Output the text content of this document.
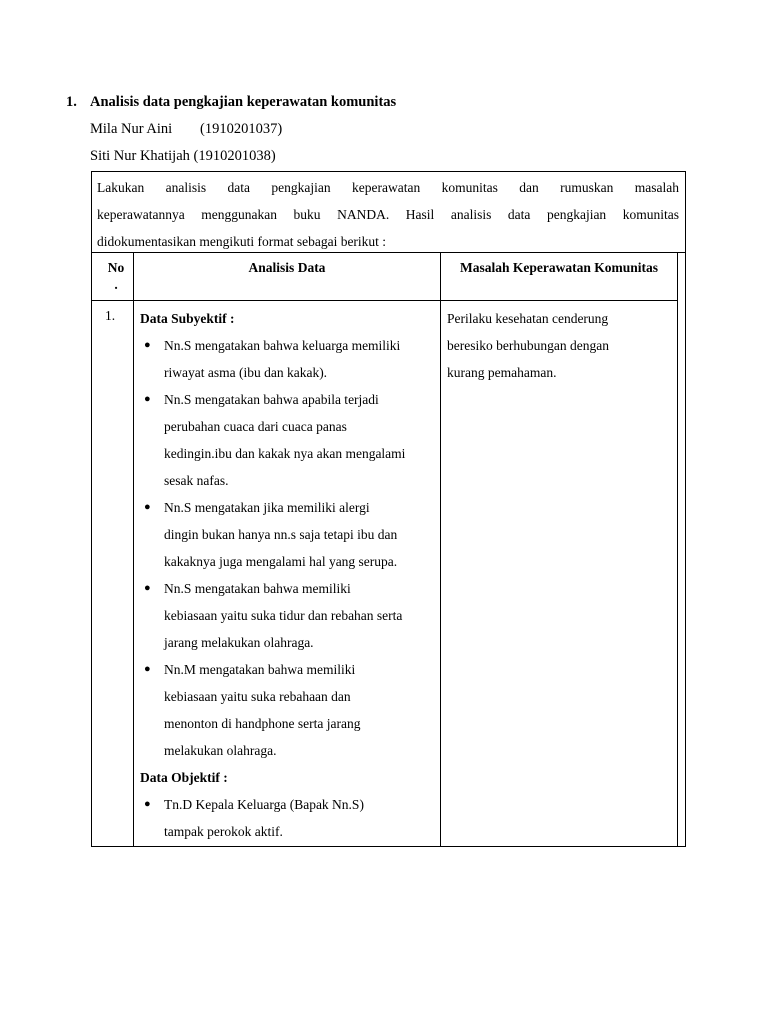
1. Analisis data pengkajian keperawatan komunitas
Mila Nur Aini (1910201037)
Siti Nur Khatijah (1910201038)
Lakukan analisis data pengkajian keperawatan komunitas dan rumuskan masalah
keperawatannya menggunakan buku NANDA. Hasil analisis data pengkajian komunitas
didokumentasikan mengikuti format sebagai berikut :
No
.
Analisis Data	Masalah Keperawatan Komunitas
1. Data Subyektif :
● Nn.S mengatakan bahwa keluarga memiliki
riwayat asma (ibu dan kakak).
● Nn.S mengatakan bahwa apabila terjadi
perubahan cuaca dari cuaca panas
kedingin.ibu dan kakak nya akan mengalami
sesak nafas.
● Nn.S mengatakan jika memiliki alergi
dingin bukan hanya nn.s saja tetapi ibu dan
kakaknya juga mengalami hal yang serupa.
● Nn.S mengatakan bahwa memiliki
kebiasaan yaitu suka tidur dan rebahan serta
jarang melakukan olahraga.
● Nn.M mengatakan bahwa memiliki
kebiasaan yaitu suka rebahaan dan
menonton di handphone serta jarang
melakukan olahraga.
Data Objektif :
● Tn.D Kepala Keluarga (Bapak Nn.S)
tampak perokok aktif.
Perilaku kesehatan cenderung
beresiko berhubungan dengan
kurang pemahaman.
